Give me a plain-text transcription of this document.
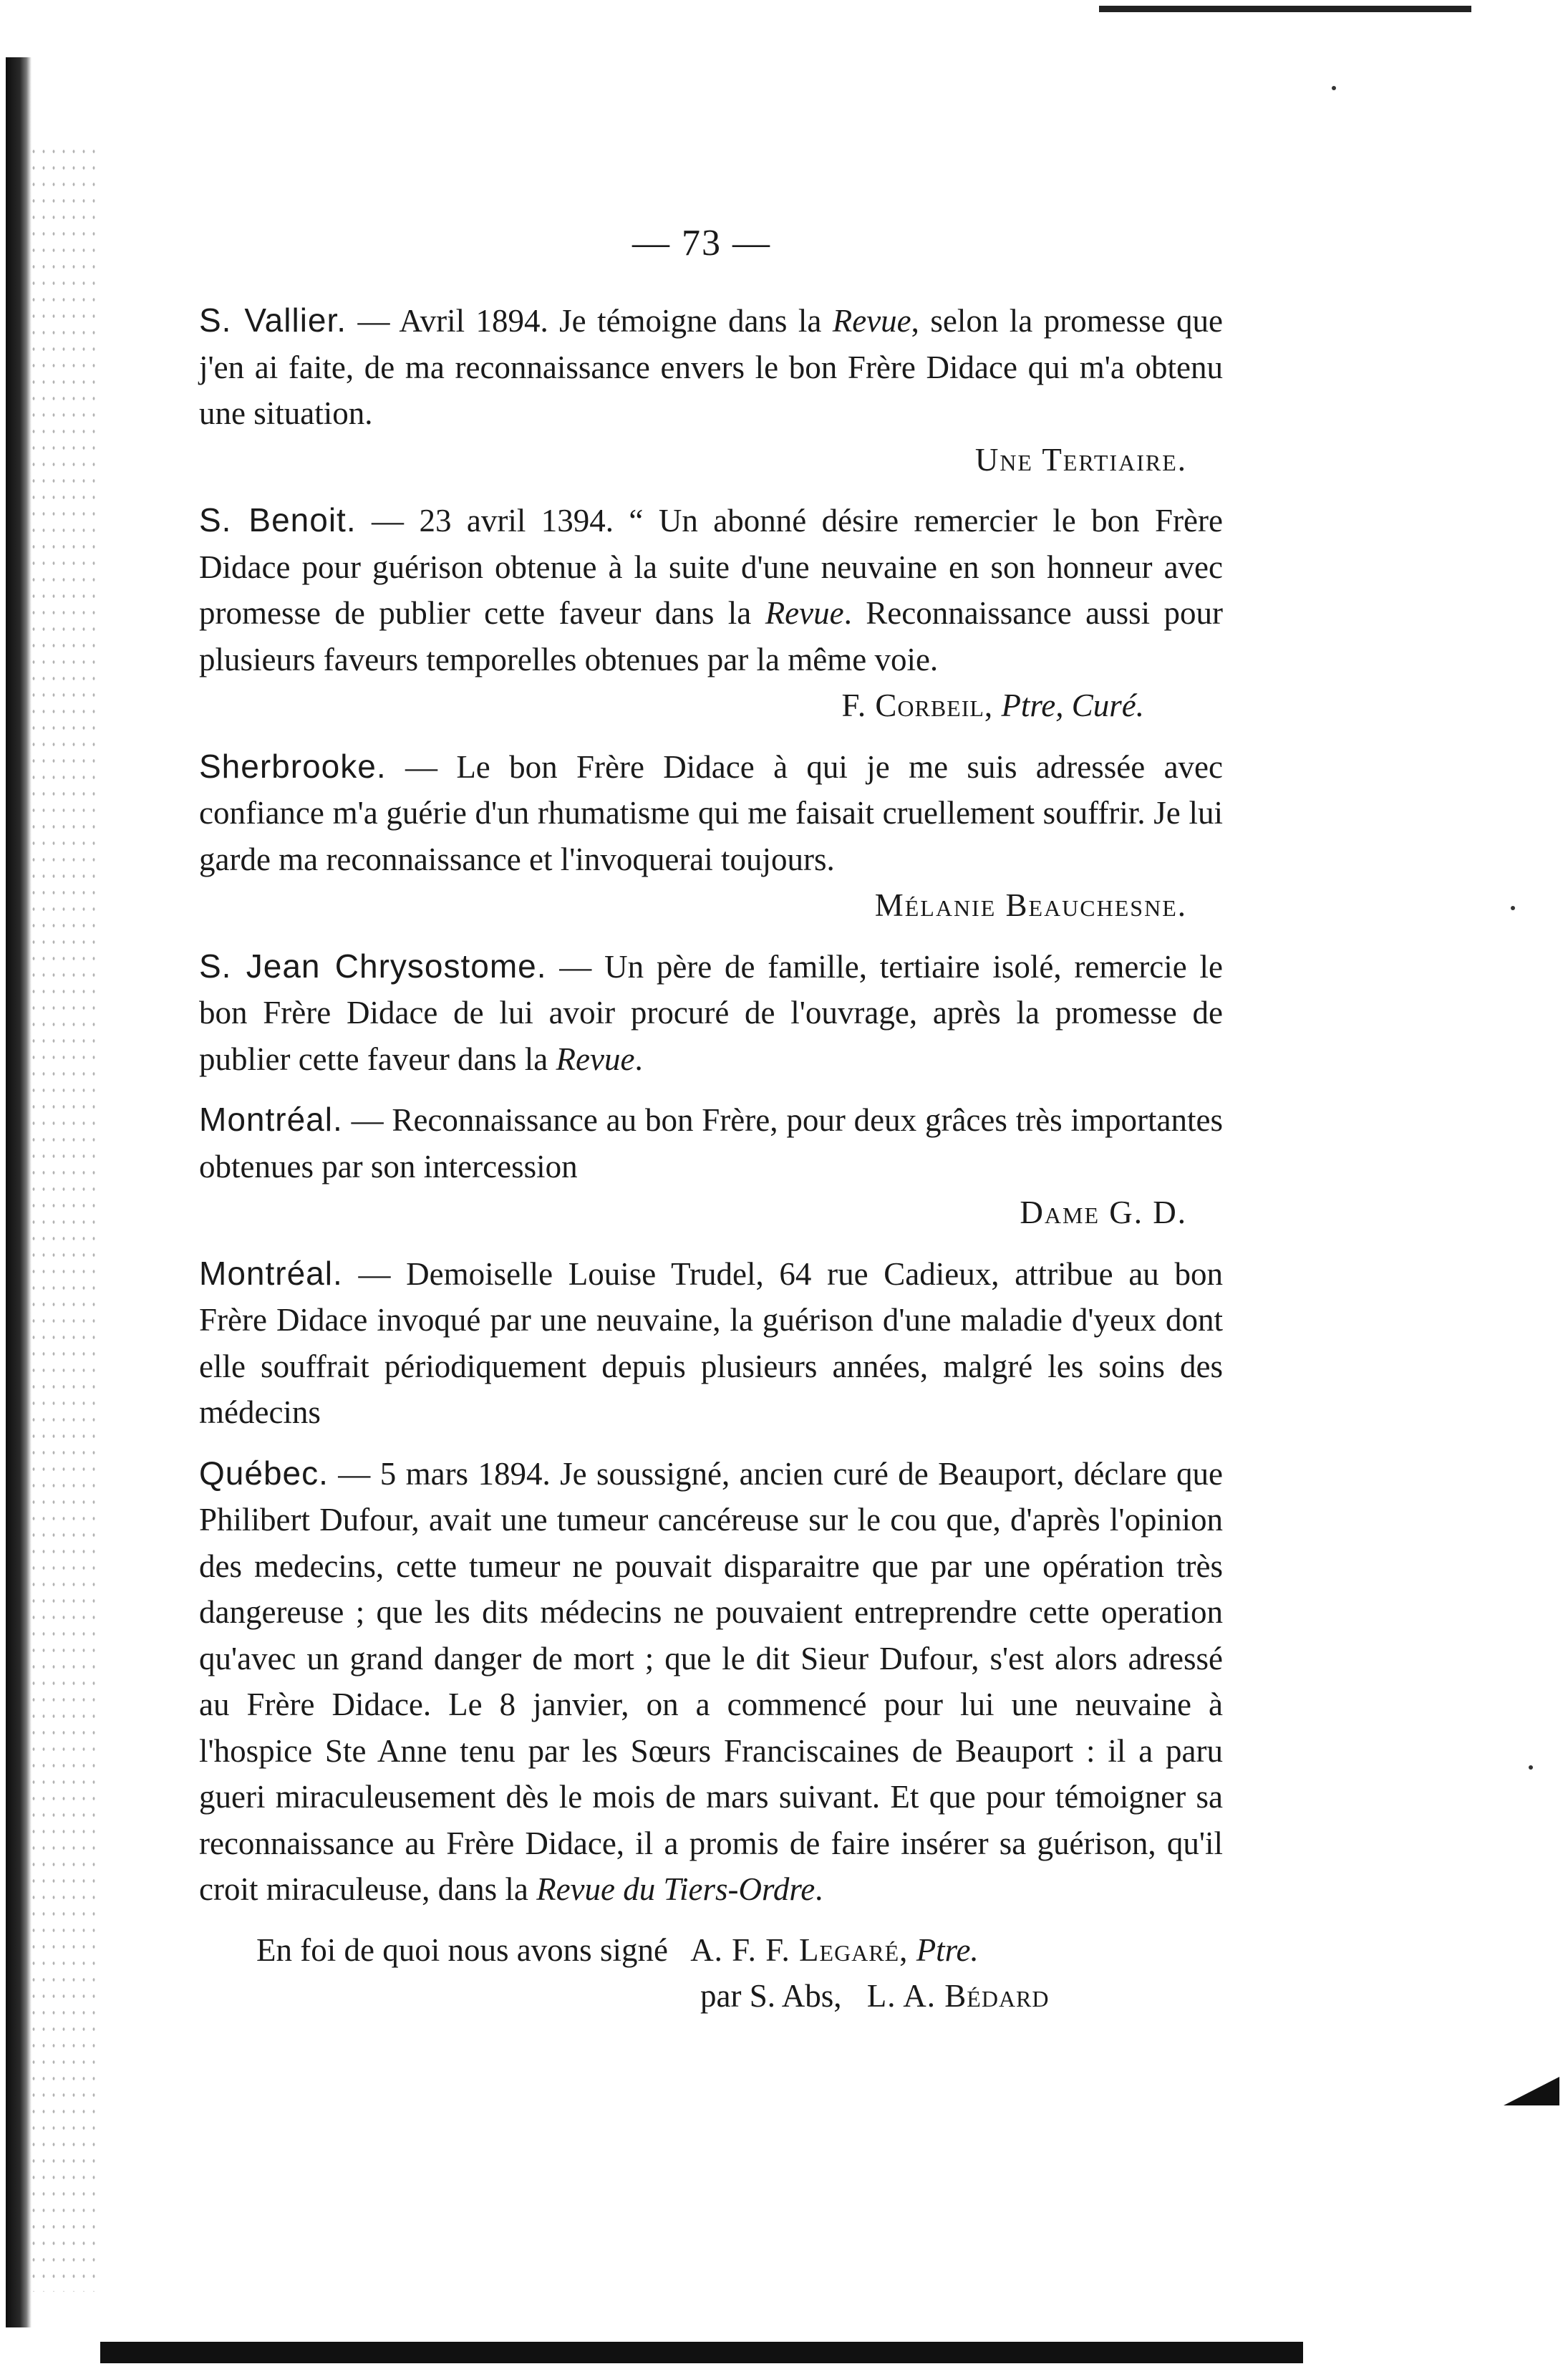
— 73 —

S. Vallier. — Avril 1894. Je témoigne dans la Revue, selon la promesse que j'en ai faite, de ma reconnaissance envers le bon Frère Didace qui m'a obtenu une situation.
Une Tertiaire.

S. Benoit. — 23 avril 1394. “ Un abonné désire remercier le bon Frère Didace pour guérison obtenue à la suite d'une neuvaine en son honneur avec promesse de publier cette faveur dans la Revue. Reconnaissance aussi pour plusieurs faveurs temporelles obtenues par la même voie.
F. Corbeil, Ptre, Curé.

Sherbrooke. — Le bon Frère Didace à qui je me suis adressée avec confiance m'a guérie d'un rhumatisme qui me faisait cruellement souffrir. Je lui garde ma reconnaissance et l'invoquerai toujours.
Mélanie Beauchesne.

S. Jean Chrysostome. — Un père de famille, tertiaire isolé, remercie le bon Frère Didace de lui avoir procuré de l'ouvrage, après la promesse de publier cette faveur dans la Revue.

Montréal. — Reconnaissance au bon Frère, pour deux grâces très importantes obtenues par son intercession
Dame G. D.

Montréal. — Demoiselle Louise Trudel, 64 rue Cadieux, attribue au bon Frère Didace invoqué par une neuvaine, la guérison d'une maladie d'yeux dont elle souffrait périodiquement depuis plusieurs années, malgré les soins des médecins

Québec. — 5 mars 1894. Je soussigné, ancien curé de Beauport, déclare que Philibert Dufour, avait une tumeur cancéreuse sur le cou que, d'après l'opinion des medecins, cette tumeur ne pouvait disparaitre que par une opération très dangereuse ; que les dits médecins ne pouvaient entreprendre cette operation qu'avec un grand danger de mort ; que le dit Sieur Dufour, s'est alors adressé au Frère Didace. Le 8 janvier, on a commencé pour lui une neuvaine à l'hospice Ste Anne tenu par les Sœurs Franciscaines de Beauport : il a paru gueri miraculeusement dès le mois de mars suivant. Et que pour témoigner sa reconnaissance au Frère Didace, il a promis de faire insérer sa guérison, qu'il croit miraculeuse, dans la Revue du Tiers-Ordre.

En foi de quoi nous avons signé A. F. F. Legaré, Ptre.
par S. Abs, L. A. Bédard
